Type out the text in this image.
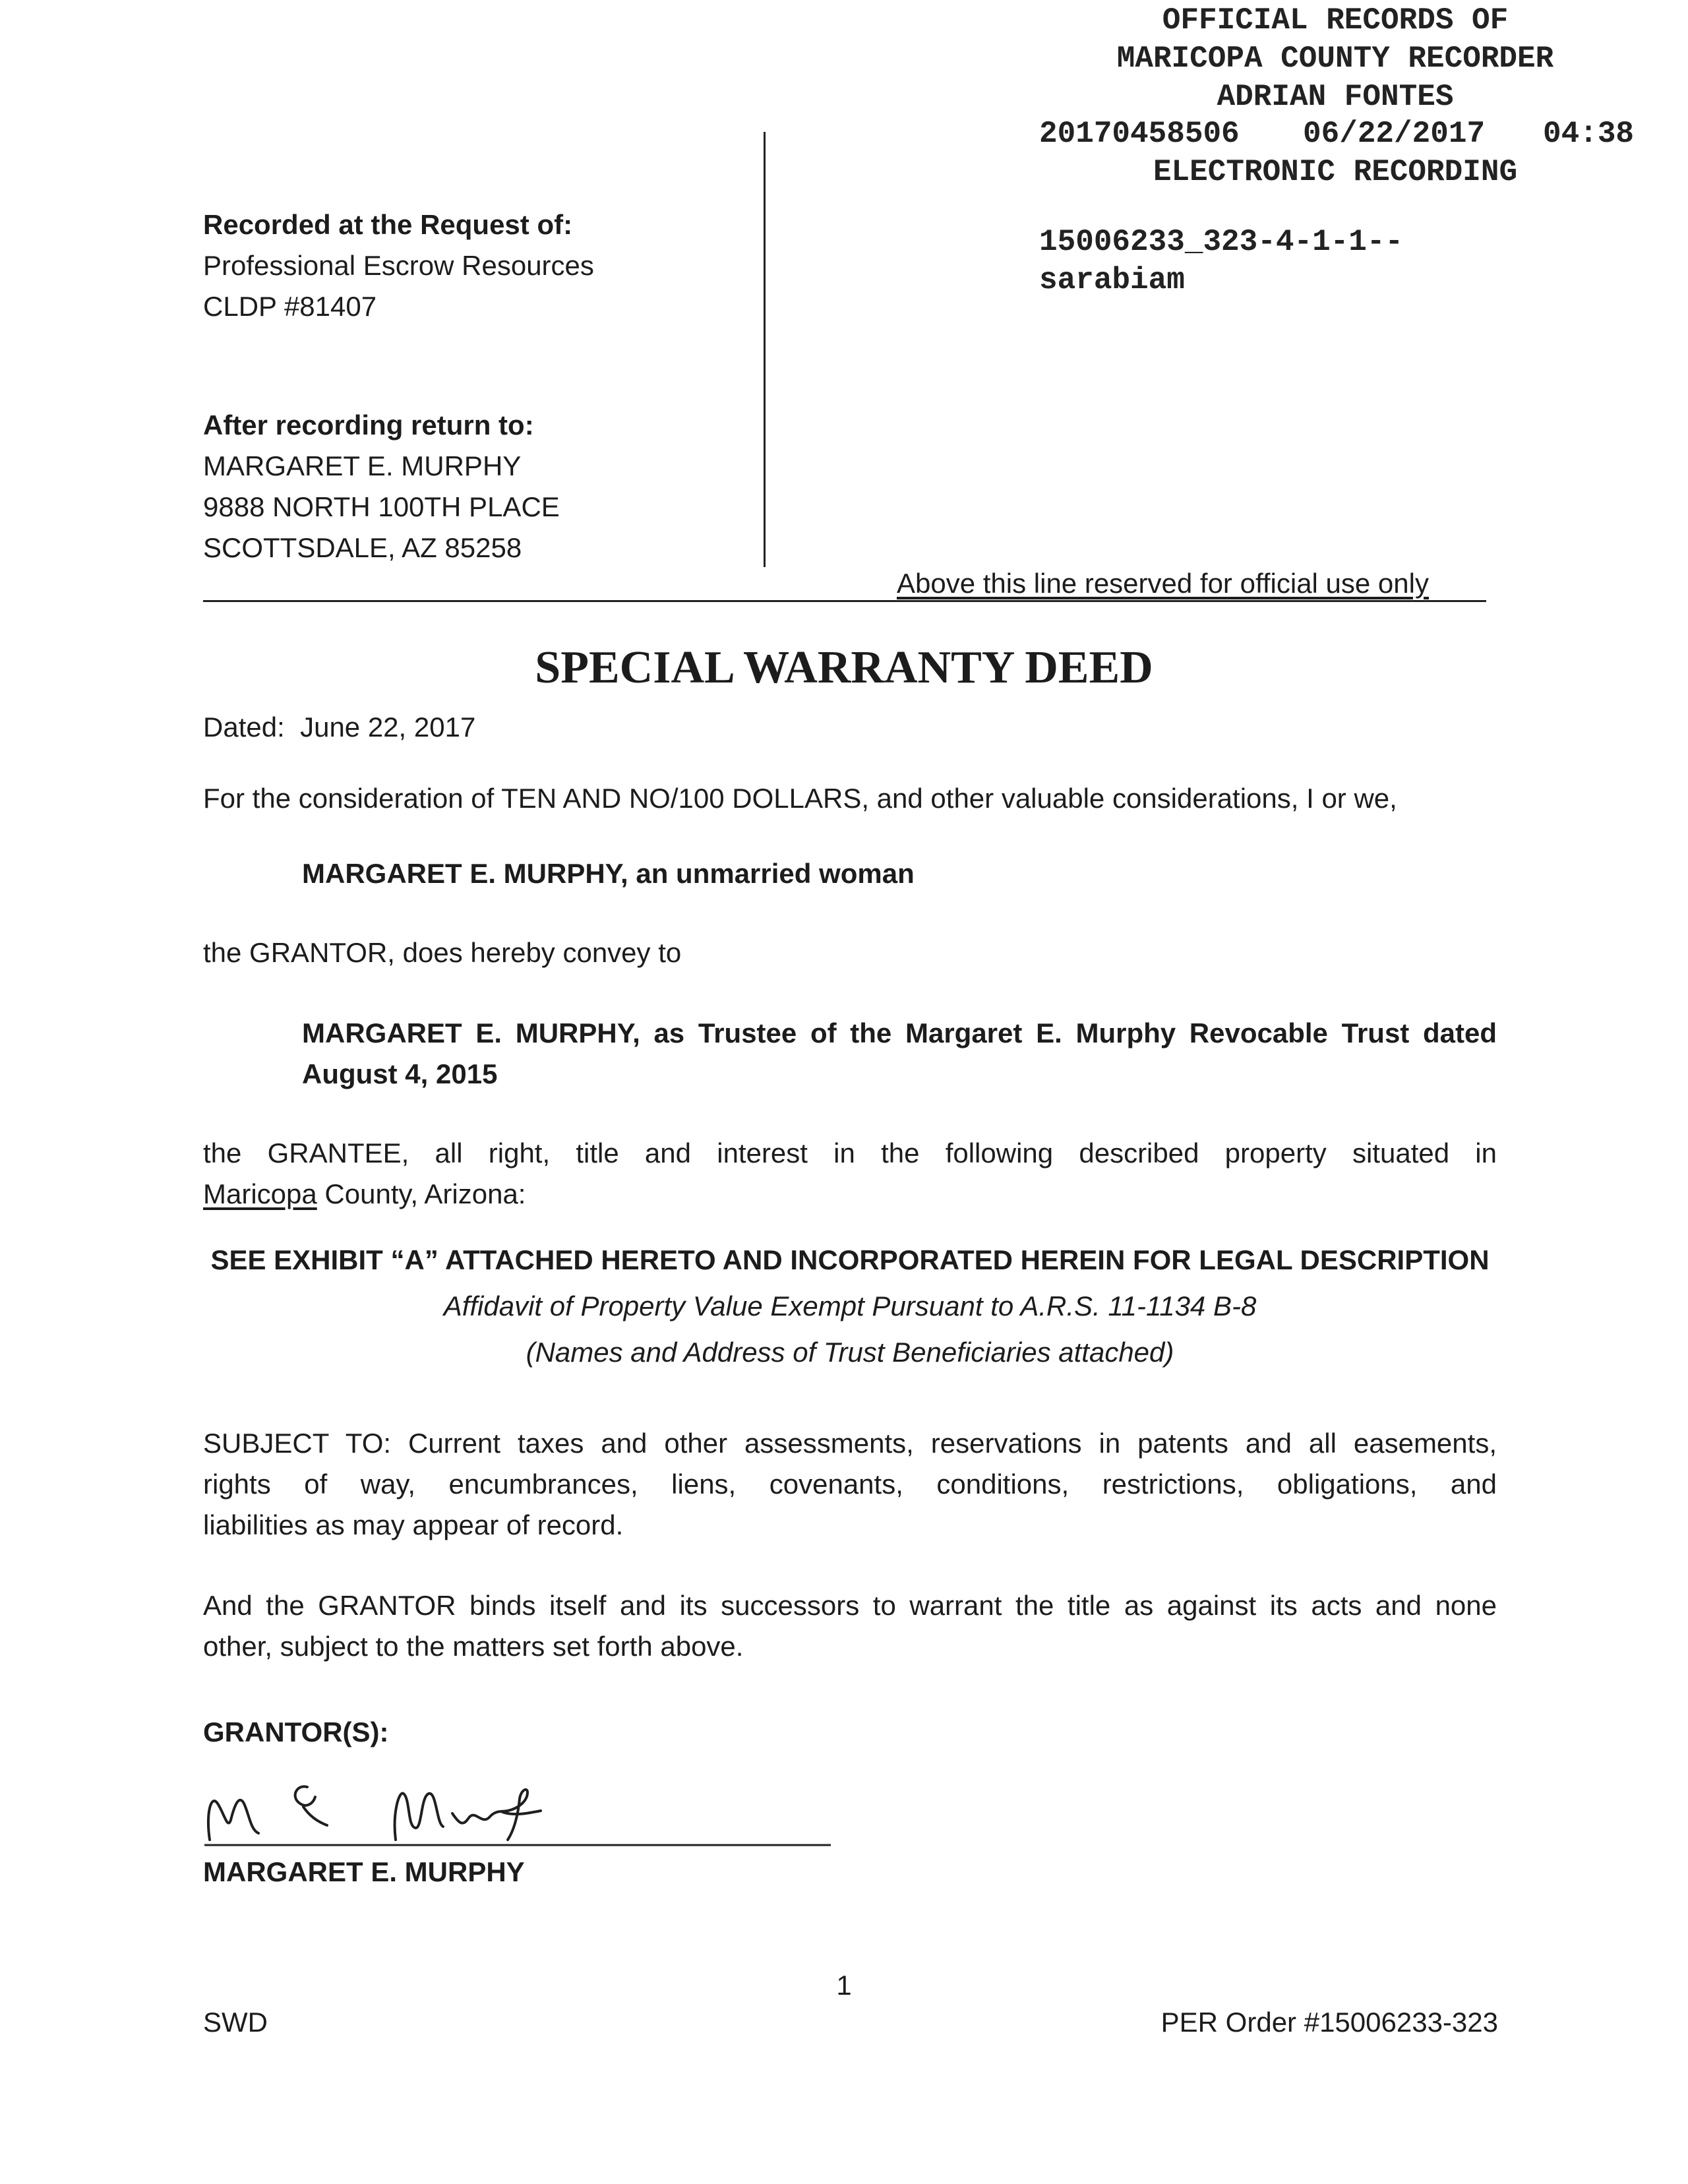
OFFICIAL RECORDS OF
MARICOPA COUNTY RECORDER
ADRIAN FONTES
20170458506 06/22/2017 04:38
ELECTRONIC RECORDING
15006233_323-4-1-1--
sarabiam
Recorded at the Request of:
Professional Escrow Resources
CLDP #81407
After recording return to:
MARGARET E. MURPHY
9888 NORTH 100TH PLACE
SCOTTSDALE, AZ 85258
Above this line reserved for official use only
SPECIAL WARRANTY DEED
Dated:  June 22, 2017
For the consideration of TEN AND NO/100 DOLLARS, and other valuable considerations, I or we,
MARGARET E. MURPHY, an unmarried woman
the GRANTOR, does hereby convey to
MARGARET E. MURPHY, as Trustee of the Margaret E. Murphy Revocable Trust dated
August 4, 2015
the GRANTEE, all right, title and interest in the following described property situated in
Maricopa County, Arizona:
SEE EXHIBIT “A” ATTACHED HERETO AND INCORPORATED HEREIN FOR LEGAL DESCRIPTION
Affidavit of Property Value Exempt Pursuant to A.R.S. 11-1134 B-8
(Names and Address of Trust Beneficiaries attached)
SUBJECT TO: Current taxes and other assessments, reservations in patents and all easements,
rights of way, encumbrances, liens, covenants, conditions, restrictions, obligations, and
liabilities as may appear of record.
And the GRANTOR binds itself and its successors to warrant the title as against its acts and none
other, subject to the matters set forth above.
GRANTOR(S):
MARGARET E. MURPHY
1
SWD	PER Order #15006233-323
